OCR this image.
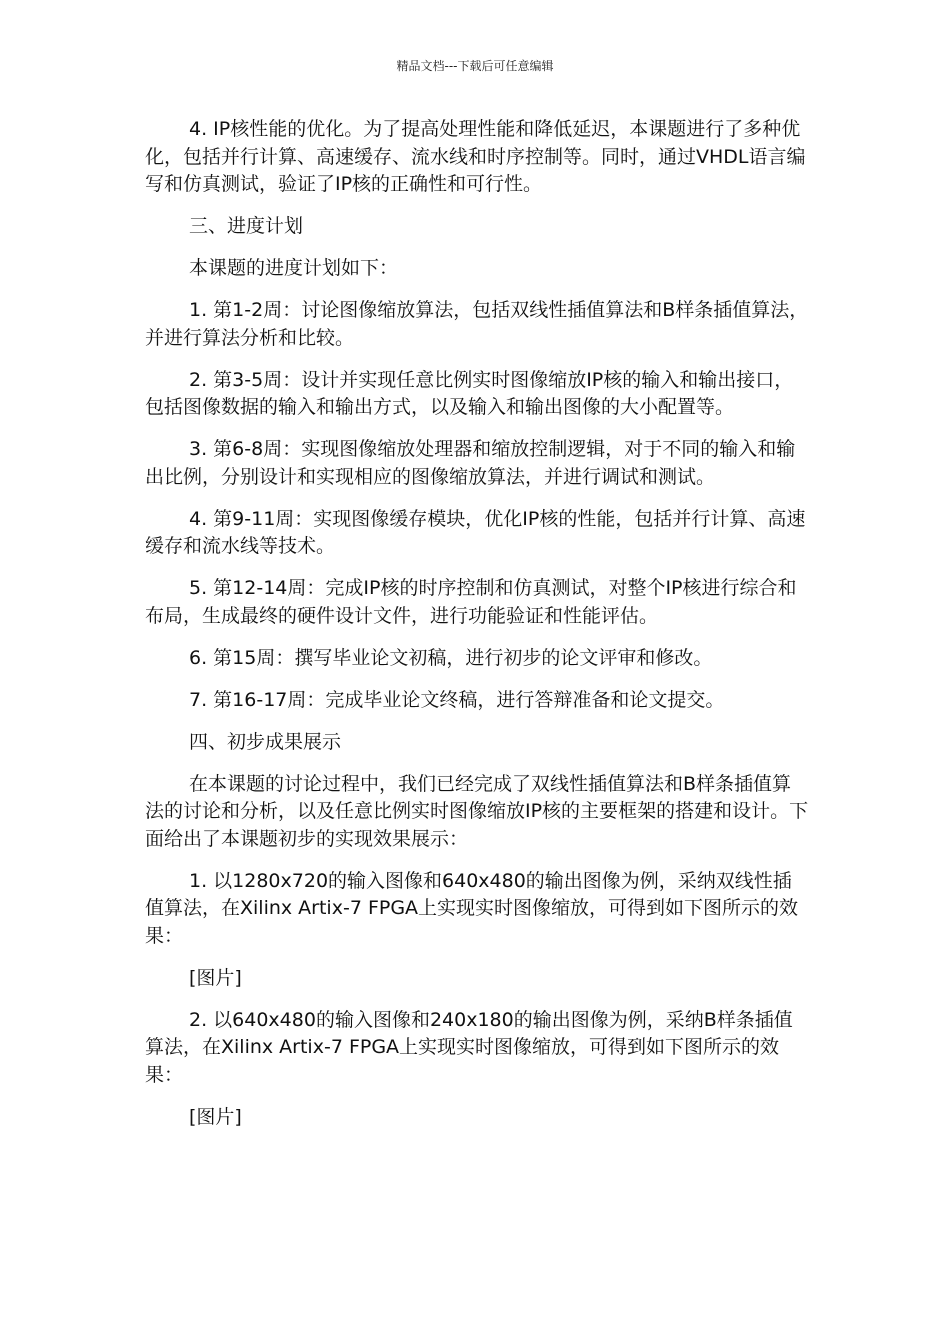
精品文档---下载后可任意编辑

4. IP核性能的优化。为了提高处理性能和降低延迟，本课题进行了多种优化，包括并行计算、高速缓存、流水线和时序控制等。同时，通过VHDL语言编写和仿真测试，验证了IP核的正确性和可行性。

三、进度计划

本课题的进度计划如下：

1. 第1-2周：讨论图像缩放算法，包括双线性插值算法和B样条插值算法，并进行算法分析和比较。

2. 第3-5周：设计并实现任意比例实时图像缩放IP核的输入和输出接口，包括图像数据的输入和输出方式，以及输入和输出图像的大小配置等。

3. 第6-8周：实现图像缩放处理器和缩放控制逻辑，对于不同的输入和输出比例，分别设计和实现相应的图像缩放算法，并进行调试和测试。

4. 第9-11周：实现图像缓存模块，优化IP核的性能，包括并行计算、高速缓存和流水线等技术。

5. 第12-14周：完成IP核的时序控制和仿真测试，对整个IP核进行综合和布局，生成最终的硬件设计文件，进行功能验证和性能评估。

6. 第15周：撰写毕业论文初稿，进行初步的论文评审和修改。

7. 第16-17周：完成毕业论文终稿，进行答辩准备和论文提交。

四、初步成果展示

在本课题的讨论过程中，我们已经完成了双线性插值算法和B样条插值算法的讨论和分析，以及任意比例实时图像缩放IP核的主要框架的搭建和设计。下面给出了本课题初步的实现效果展示：

1. 以1280x720的输入图像和640x480的输出图像为例，采纳双线性插值算法，在Xilinx Artix-7 FPGA上实现实时图像缩放，可得到如下图所示的效果：

[图片]

2. 以640x480的输入图像和240x180的输出图像为例，采纳B样条插值算法，在Xilinx Artix-7 FPGA上实现实时图像缩放，可得到如下图所示的效果：

[图片]
